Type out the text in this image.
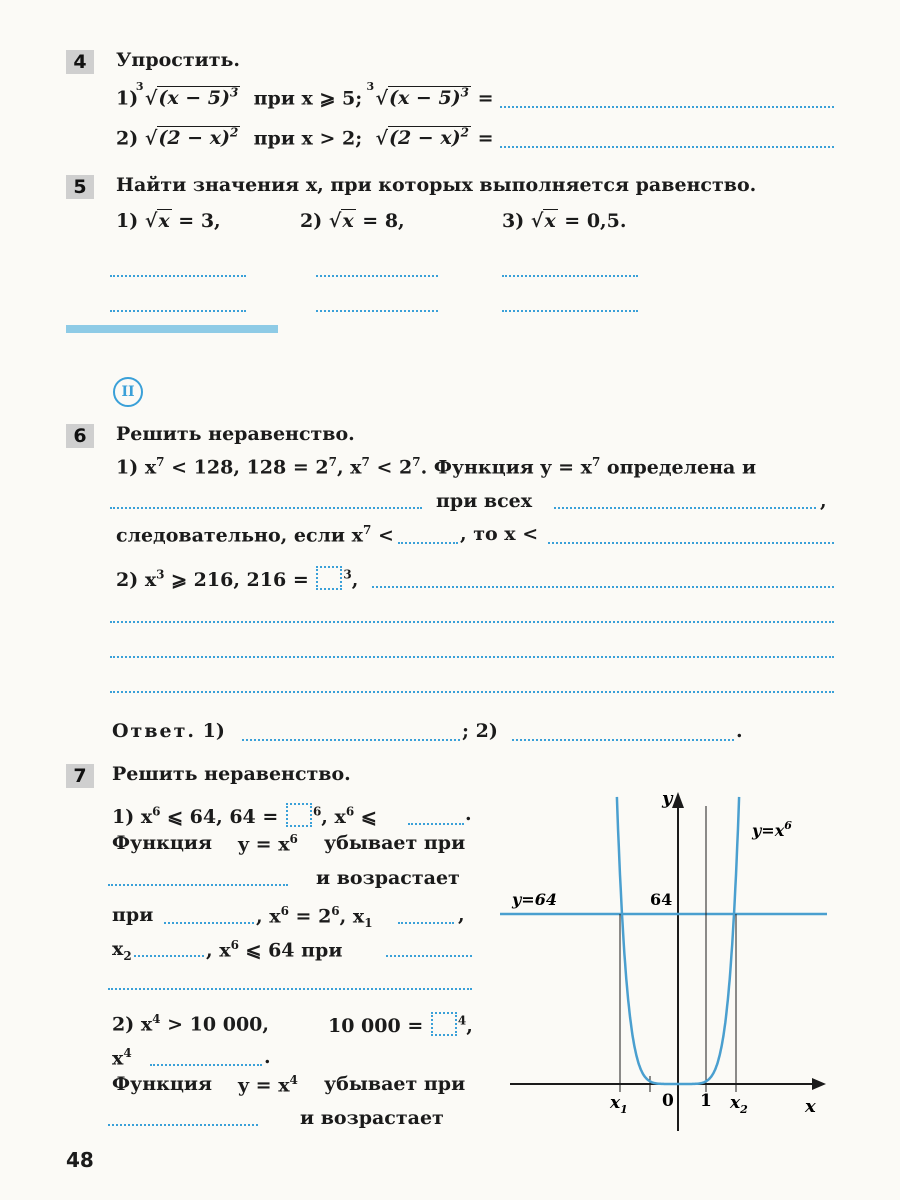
4	Упростить.
1)
3
$√(x - 5)^3$ при x ⩾ 5;
3
$√(x - 5)^3$ =
2) $√(2 - x)^2$ при x > 2; $√(2 - x)^2$ =
5	Найти значения x, при которых выполняется равенство.
1) √x = 3,	2) √x = 8,	3) √x = 0,5.
II
6	Решить неравенство.
1) $x^7 < 128$, $128 = 2^7$, $x^7 < 2^7$. Функция $y = x^7$ определена и
при всех	,
следовательно, если $x^7$ <	, то x <
2) $x^3$ ⩾ 216, 216 =	$^3$,
Ответ. 1)	; 2)	.
7	Решить неравенство.
1) $x^6$ ⩽ 64, 64 =	$^6$, $x^6$ ⩽	.
Функция $y = x^6$ убывает при
и возрастает
при	, $x^6 = 2^6$, $x_1$	,
$x_2$	, $x^6$ ⩽ 64 при
2) $x^4 > 10$ 000,	10 000 =	$^4$,
$x^4$	.
Функция $y = x^4$ убывает при
и возрастает
y
x
$y=x^6$
y=64	64
$x_1$ 0 1 $x_2$
48
